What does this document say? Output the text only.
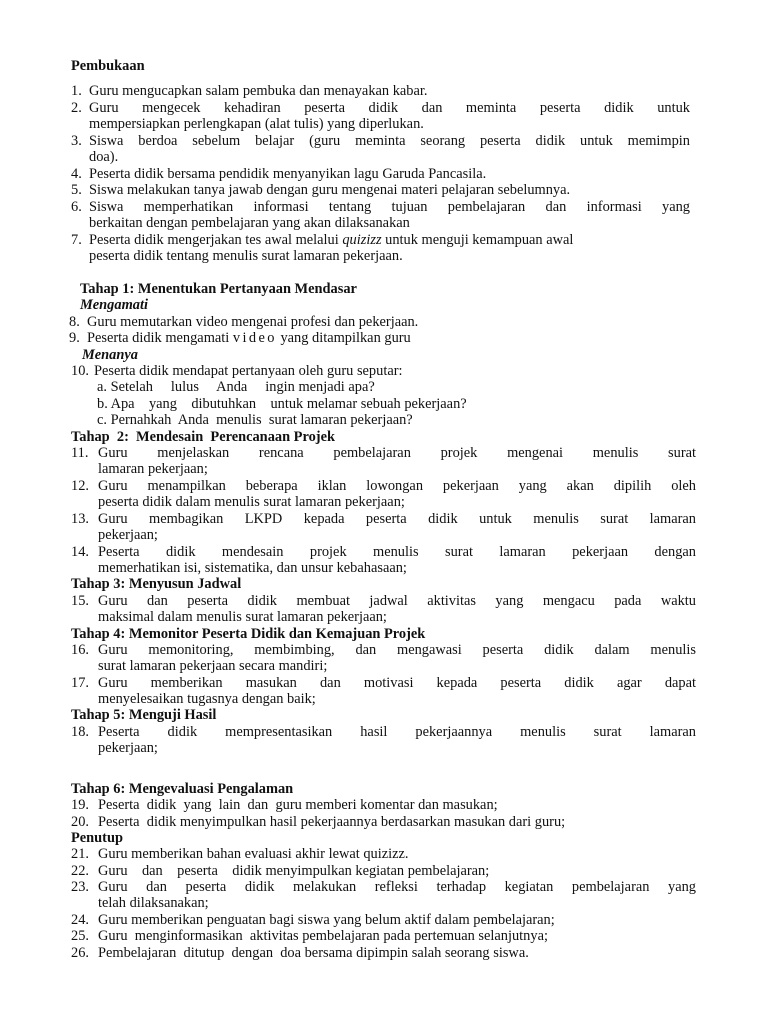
Pembukaan
1. Guru mengucapkan salam pembuka dan menayakan kabar.
2. Guru mengecek kehadiran peserta didik dan meminta peserta didik untuk
mempersiapkan perlengkapan (alat tulis) yang diperlukan.
3. Siswa berdoa sebelum belajar (guru meminta seorang peserta didik untuk memimpin
doa).
4. Peserta didik bersama pendidik menyanyikan lagu Garuda Pancasila.
5. Siswa melakukan tanya jawab dengan guru mengenai materi pelajaran sebelumnya.
6. Siswa memperhatikan informasi tentang tujuan pembelajaran dan informasi yang
berkaitan dengan pembelajaran yang akan dilaksanakan
7. Peserta didik mengerjakan tes awal melalui quizizz untuk menguji kemampuan awal
peserta didik tentang menulis surat lamaran pekerjaan.
Tahap 1: Menentukan Pertanyaan Mendasar
Mengamati
8. Guru memutarkan video mengenai profesi dan pekerjaan.
9. Peserta didik mengamati video yang ditampilkan guru
Menanya
10. Peserta didik mendapat pertanyaan oleh guru seputar:
a. Setelah     lulus     Anda     ingin menjadi apa?
b. Apa    yang    dibutuhkan    untuk melamar sebuah pekerjaan?
c. Pernahkah  Anda  menulis  surat lamaran pekerjaan?
Tahap  2:  Mendesain  Perencanaan Projek
11. Guru menjelaskan rencana pembelajaran projek mengenai menulis surat
lamaran pekerjaan;
12. Guru menampilkan beberapa iklan lowongan pekerjaan yang akan dipilih oleh
peserta didik dalam menulis surat lamaran pekerjaan;
13. Guru membagikan LKPD kepada peserta didik untuk menulis surat lamaran
pekerjaan;
14. Peserta didik mendesain projek menulis surat lamaran pekerjaan dengan
memerhatikan isi, sistematika, dan unsur kebahasaan;
Tahap 3: Menyusun Jadwal
15. Guru dan peserta didik membuat jadwal aktivitas yang mengacu pada waktu
maksimal dalam menulis surat lamaran pekerjaan;
Tahap 4: Memonitor Peserta Didik dan Kemajuan Projek
16. Guru memonitoring, membimbing, dan mengawasi peserta didik dalam menulis
surat lamaran pekerjaan secara mandiri;
17. Guru memberikan masukan dan motivasi kepada peserta didik agar dapat
menyelesaikan tugasnya dengan baik;
Tahap 5: Menguji Hasil
18. Peserta didik mempresentasikan hasil pekerjaannya menulis surat lamaran
pekerjaan;
Tahap 6: Mengevaluasi Pengalaman
19. Peserta  didik  yang  lain  dan  guru memberi komentar dan masukan;
20. Peserta  didik menyimpulkan hasil pekerjaannya berdasarkan masukan dari guru;
Penutup
21. Guru memberikan bahan evaluasi akhir lewat quizizz.
22. Guru    dan    peserta    didik menyimpulkan kegiatan pembelajaran;
23. Guru dan peserta didik melakukan refleksi terhadap kegiatan pembelajaran yang
telah dilaksanakan;
24. Guru memberikan penguatan bagi siswa yang belum aktif dalam pembelajaran;
25. Guru  menginformasikan  aktivitas pembelajaran pada pertemuan selanjutnya;
26. Pembelajaran  ditutup  dengan  doa bersama dipimpin salah seorang siswa.
